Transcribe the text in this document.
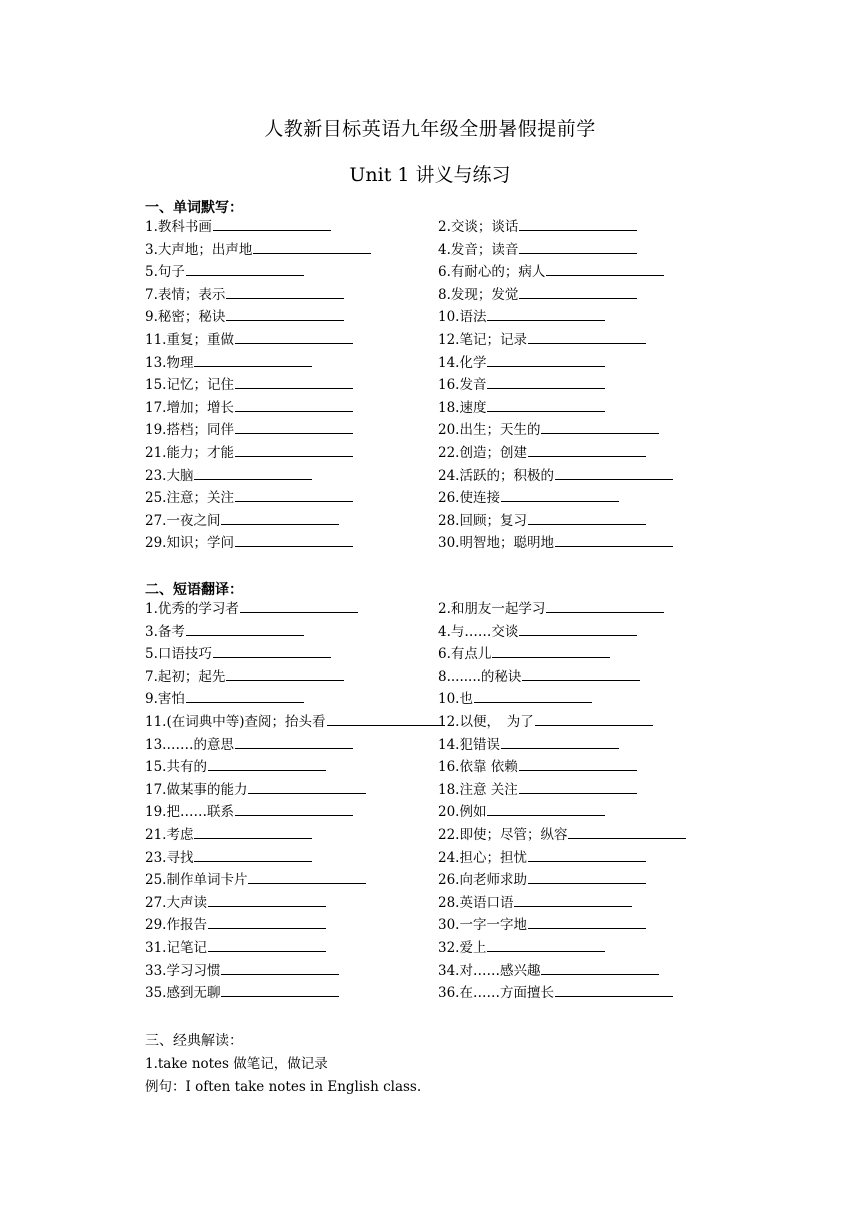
人教新目标英语九年级全册暑假提前学
Unit 1 讲义与练习
一、单词默写：
1.教科书画	2.交谈；谈话
3.大声地；出声地	4.发音；读音
5.句子	6.有耐心的；病人
7.表情；表示	8.发现；发觉
9.秘密；秘诀	10.语法
11.重复；重做	12.笔记；记录
13.物理	14.化学
15.记忆；记住	16.发音
17.增加；增长	18.速度
19.搭档；同伴	20.出生；天生的
21.能力；才能	22.创造；创建
23.大脑	24.活跃的；积极的
25.注意；关注	26.使连接
27.一夜之间	28.回顾；复习
29.知识；学问	30.明智地；聪明地
二、短语翻译：
1.优秀的学习者	2.和朋友一起学习
3.备考	4.与……交谈
5.口语技巧	6.有点儿
7.起初；起先	8........的秘诀
9.害怕	10.也
11.(在词典中等)查阅；抬头看	12.以便，　为了
13.……的意思	14.犯错误
15.共有的	16.依靠 依赖
17.做某事的能力	18.注意 关注
19.把……联系	20.例如
21.考虑	22.即使；尽管；纵容
23.寻找	24.担心；担忧
25.制作单词卡片	26.向老师求助
27.大声读	28.英语口语
29.作报告	30.一字一字地
31.记笔记	32.爱上
33.学习习惯	34.对……感兴趣
35.感到无聊	36.在……方面擅长
三、经典解读：
1.take notes 做笔记，做记录
例句：I often take notes in English class.
